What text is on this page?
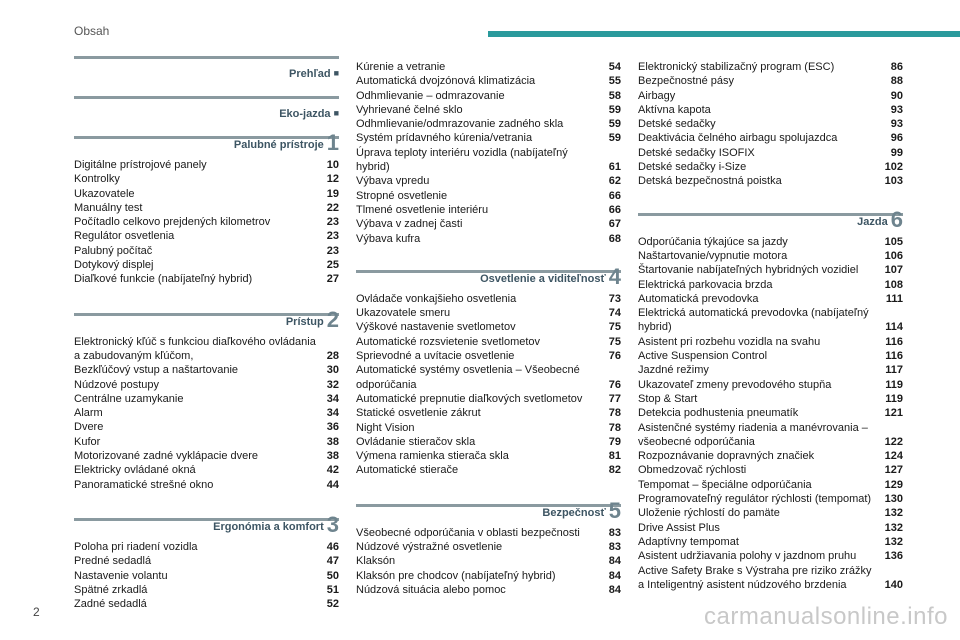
Obsah
Prehľad ■
Eko-jazda ■
Palubné prístroje 1
Digitálne prístrojové panely	10
Kontrolky	12
Ukazovatele	19
Manuálny test	22
Počítadlo celkovo prejdených kilometrov	23
Regulátor osvetlenia	23
Palubný počítač	23
Dotykový displej	25
Diaľkové funkcie (nabíjateľný hybrid)	27
Prístup 2
Elektronický kľúč s funkciou diaľkového ovládania a zabudovaným kľúčom,	28
Bezkľúčový vstup a naštartovanie	30
Núdzové postupy	32
Centrálne uzamykanie	34
Alarm	34
Dvere	36
Kufor	38
Motorizované zadné vyklápacie dvere	38
Elektricky ovládané okná	42
Panoramatické strešné okno	44
Ergonómia a komfort 3
Poloha pri riadení vozidla	46
Predné sedadlá	47
Nastavenie volantu	50
Spätné zrkadlá	51
Zadné sedadlá	52
Kúrenie a vetranie	54
Automatická dvojzónová klimatizácia	55
Odhmlievanie – odmrazovanie	58
Vyhrievané čelné sklo	59
Odhmlievanie/odmrazovanie zadného skla	59
Systém prídavného kúrenia/vetrania	59
Úprava teploty interiéru vozidla (nabíjateľný hybrid)	61
Výbava vpredu	62
Stropné osvetlenie	66
Tlmené osvetlenie interiéru	66
Výbava v zadnej časti	67
Výbava kufra	68
Osvetlenie a viditeľnosť 4
Ovládače vonkajšieho osvetlenia	73
Ukazovatele smeru	74
Výškové nastavenie svetlometov	75
Automatické rozsvietenie svetlometov	75
Sprievodné a uvítacie osvetlenie	76
Automatické systémy osvetlenia – Všeobecné odporúčania	76
Automatické prepnutie diaľkových svetlometov	77
Statické osvetlenie zákrut	78
Night Vision	78
Ovládanie stieračov skla	79
Výmena ramienka stierača skla	81
Automatické stierače	82
Bezpečnosť 5
Všeobecné odporúčania v oblasti bezpečnosti	83
Núdzové výstražné osvetlenie	83
Klaksón	84
Klaksón pre chodcov (nabíjateľný hybrid)	84
Núdzová situácia alebo pomoc	84
Elektronický stabilizačný program (ESC)	86
Bezpečnostné pásy	88
Airbagy	90
Aktívna kapota	93
Detské sedačky	93
Deaktivácia čelného airbagu spolujazdca	96
Detské sedačky ISOFIX	99
Detské sedačky i-Size	102
Detská bezpečnostná poistka	103
Jazda 6
Odporúčania týkajúce sa jazdy	105
Naštartovanie/vypnutie motora	106
Štartovanie nabíjateľných hybridných vozidiel	107
Elektrická parkovacia brzda	108
Automatická prevodovka	111
Elektrická automatická prevodovka (nabíjateľný hybrid)	114
Asistent pri rozbehu vozidla na svahu	116
Active Suspension Control	116
Jazdné režimy	117
Ukazovateľ zmeny prevodového stupňa	119
Stop & Start	119
Detekcia podhustenia pneumatík	121
Asistenčné systémy riadenia a manévrovania – všeobecné odporúčania	122
Rozpoznávanie dopravných značiek	124
Obmedzovač rýchlosti	127
Tempomat – špeciálne odporúčania	129
Programovateľný regulátor rýchlosti (tempomat)	130
Uloženie rýchlostí do pamäte	132
Drive Assist Plus	132
Adaptívny tempomat	132
Asistent udržiavania polohy v jazdnom pruhu	136
Active Safety Brake s Výstraha pre riziko zrážky a Inteligentný asistent núdzového brzdenia	140
2	carmanualsonline.info
